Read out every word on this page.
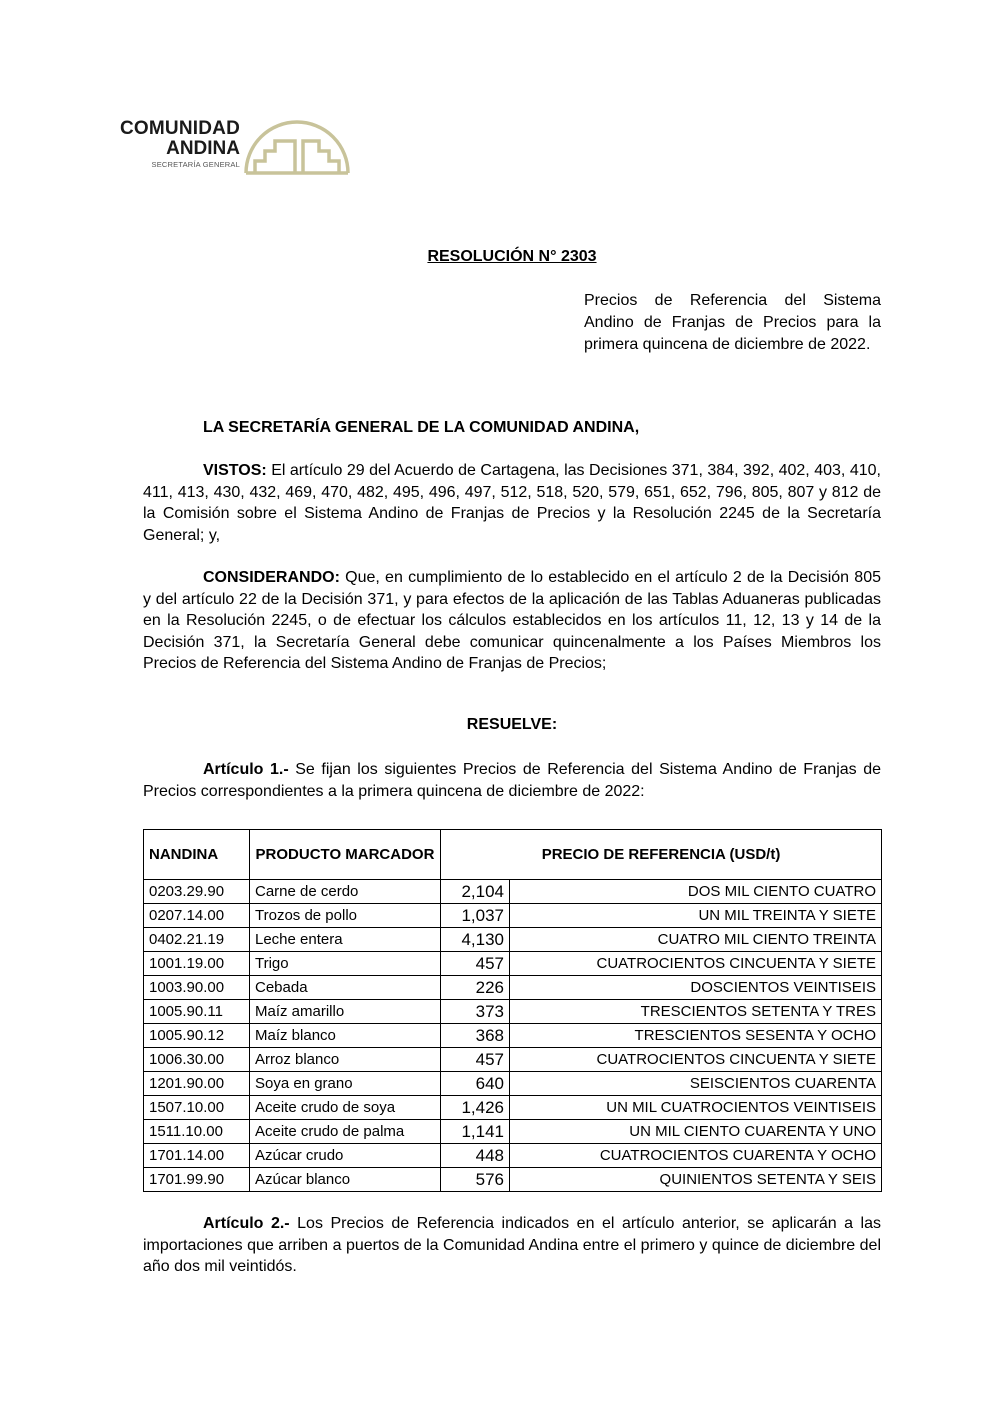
COMUNIDAD
ANDINA
SECRETARÍA GENERAL
RESOLUCIÓN N° 2303
Precios de Referencia del Sistema Andino de Franjas de Precios para la primera quincena de diciembre de 2022.
LA SECRETARÍA GENERAL DE LA COMUNIDAD ANDINA,
VISTOS: El artículo 29 del Acuerdo de Cartagena, las Decisiones 371, 384, 392, 402, 403, 410, 411, 413, 430, 432, 469, 470, 482, 495, 496, 497, 512, 518, 520, 579, 651, 652, 796, 805, 807 y 812 de la Comisión sobre el Sistema Andino de Franjas de Precios y la Resolución 2245 de la Secretaría General; y,
CONSIDERANDO: Que, en cumplimiento de lo establecido en el artículo 2 de la Decisión 805 y del artículo 22 de la Decisión 371, y para efectos de la aplicación de las Tablas Aduaneras publicadas en la Resolución 2245, o de efectuar los cálculos establecidos en los artículos 11, 12, 13 y 14 de la Decisión 371, la Secretaría General debe comunicar quincenalmente a los Países Miembros los Precios de Referencia del Sistema Andino de Franjas de Precios;
RESUELVE:
Artículo 1.- Se fijan los siguientes Precios de Referencia del Sistema Andino de Franjas de Precios correspondientes a la primera quincena de diciembre de 2022:
NANDINA	PRODUCTO MARCADOR	PRECIO DE REFERENCIA (USD/t)	
0203.29.90	Carne de cerdo	2,104	DOS MIL CIENTO CUATRO
0207.14.00	Trozos de pollo	1,037	UN MIL TREINTA Y SIETE
0402.21.19	Leche entera	4,130	CUATRO MIL CIENTO TREINTA
1001.19.00	Trigo	457	CUATROCIENTOS CINCUENTA Y SIETE
1003.90.00	Cebada	226	DOSCIENTOS VEINTISEIS
1005.90.11	Maíz amarillo	373	TRESCIENTOS SETENTA Y TRES
1005.90.12	Maíz blanco	368	TRESCIENTOS SESENTA Y OCHO
1006.30.00	Arroz blanco	457	CUATROCIENTOS CINCUENTA Y SIETE
1201.90.00	Soya en grano	640	SEISCIENTOS CUARENTA
1507.10.00	Aceite crudo de soya	1,426	UN MIL CUATROCIENTOS VEINTISEIS
1511.10.00	Aceite crudo de palma	1,141	UN MIL CIENTO CUARENTA Y UNO
1701.14.00	Azúcar crudo	448	CUATROCIENTOS CUARENTA Y OCHO
1701.99.90	Azúcar blanco	576	QUINIENTOS SETENTA Y SEIS
Artículo 2.- Los Precios de Referencia indicados en el artículo anterior, se aplicarán a las importaciones que arriben a puertos de la Comunidad Andina entre el primero y quince de diciembre del año dos mil veintidós.
